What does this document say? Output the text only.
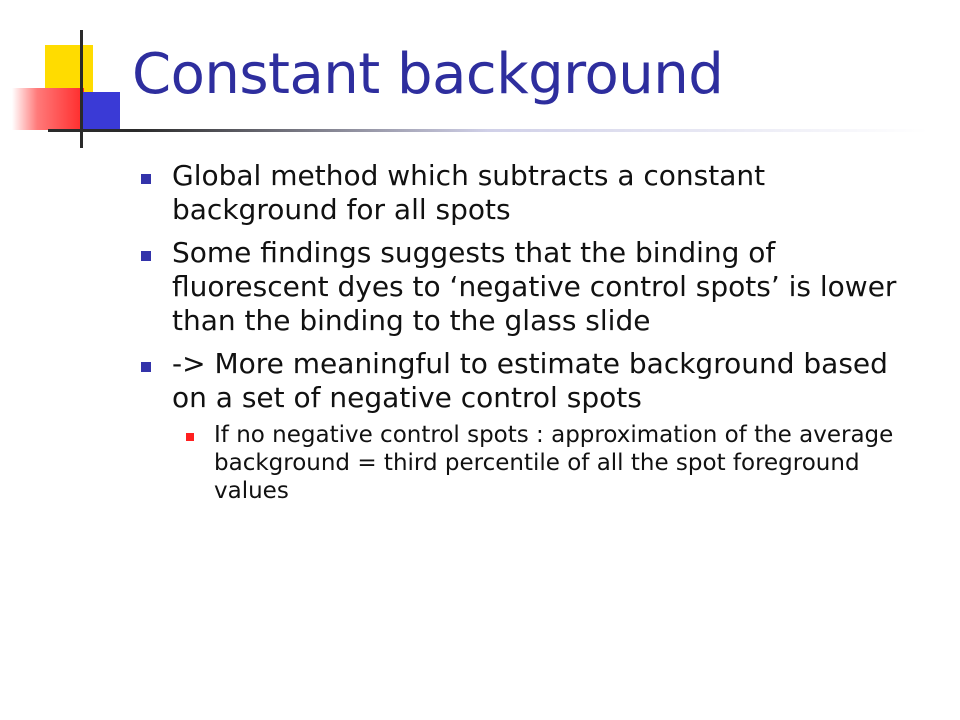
Constant background
Global method which subtracts a constant background for all spots
Some findings suggests that the binding of fluorescent dyes to ‘negative control spots’ is lower than the binding to the glass slide
-> More meaningful to estimate background based on a set of negative control spots
If no negative control spots : approximation of the average background = third percentile of all the spot foreground values
